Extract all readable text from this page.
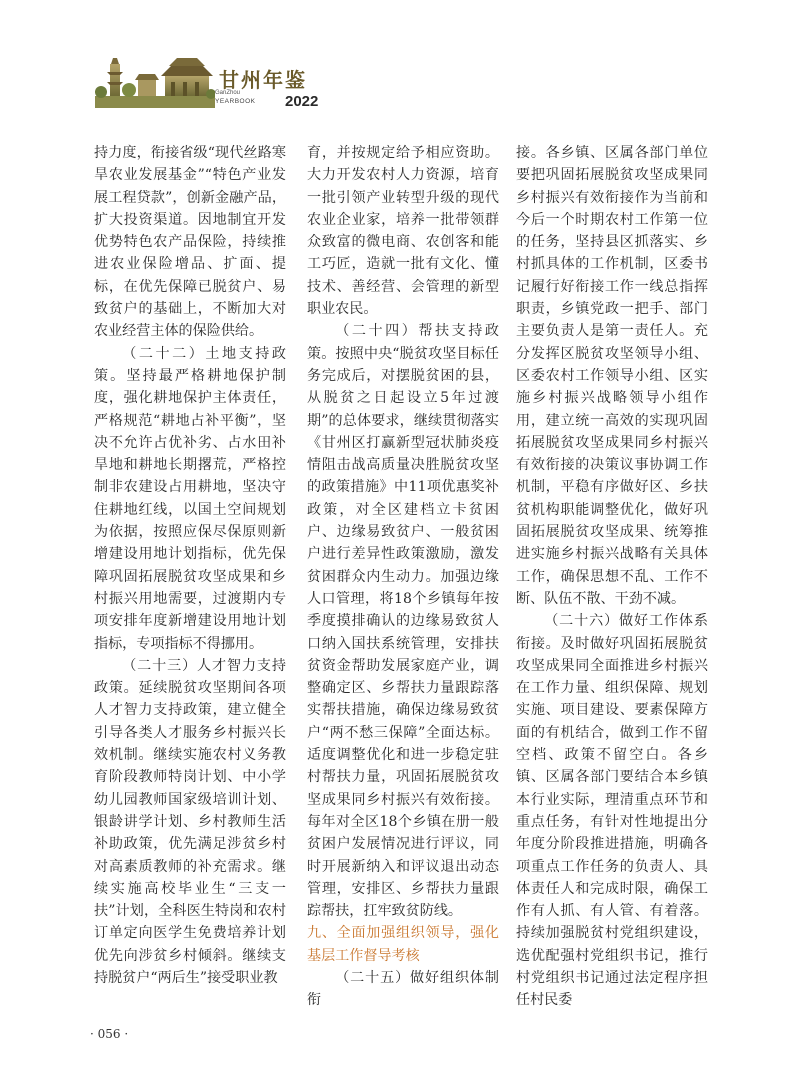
甘州年鉴
GanZhou
YEARBOOK 2022

持力度，衔接省级“现代丝路寒旱农业发展基金”“特色产业发展工程贷款”，创新金融产品，扩大投资渠道。因地制宜开发优势特色农产品保险，持续推进农业保险增品、扩面、提标，在优先保障已脱贫户、易致贫户的基础上，不断加大对农业经营主体的保险供给。

（二十二）土地支持政策。坚持最严格耕地保护制度，强化耕地保护主体责任，严格规范“耕地占补平衡”，坚决不允许占优补劣、占水田补旱地和耕地长期撂荒，严格控制非农建设占用耕地，坚决守住耕地红线，以国土空间规划为依据，按照应保尽保原则新增建设用地计划指标，优先保障巩固拓展脱贫攻坚成果和乡村振兴用地需要，过渡期内专项安排年度新增建设用地计划指标，专项指标不得挪用。

（二十三）人才智力支持政策。延续脱贫攻坚期间各项人才智力支持政策，建立健全引导各类人才服务乡村振兴长效机制。继续实施农村义务教育阶段教师特岗计划、中小学幼儿园教师国家级培训计划、银龄讲学计划、乡村教师生活补助政策，优先满足涉贫乡村对高素质教师的补充需求。继续实施高校毕业生“三支一扶”计划，全科医生特岗和农村订单定向医学生免费培养计划优先向涉贫乡村倾斜。继续支持脱贫户“两后生”接受职业教

育，并按规定给予相应资助。大力开发农村人力资源，培育一批引领产业转型升级的现代农业企业家，培养一批带领群众致富的微电商、农创客和能工巧匠，造就一批有文化、懂技术、善经营、会管理的新型职业农民。

（二十四）帮扶支持政策。按照中央“脱贫攻坚目标任务完成后，对摆脱贫困的县，从脱贫之日起设立5年过渡期”的总体要求，继续贯彻落实《甘州区打赢新型冠状肺炎疫情阻击战高质量决胜脱贫攻坚的政策措施》中11项优惠奖补政策，对全区建档立卡贫困户、边缘易致贫户、一般贫困户进行差异性政策激励，激发贫困群众内生动力。加强边缘人口管理，将18个乡镇每年按季度摸排确认的边缘易致贫人口纳入国扶系统管理，安排扶贫资金帮助发展家庭产业，调整确定区、乡帮扶力量跟踪落实帮扶措施，确保边缘易致贫户“两不愁三保障”全面达标。适度调整优化和进一步稳定驻村帮扶力量，巩固拓展脱贫攻坚成果同乡村振兴有效衔接。每年对全区18个乡镇在册一般贫困户发展情况进行评议，同时开展新纳入和评议退出动态管理，安排区、乡帮扶力量跟踪帮扶，扛牢致贫防线。

九、全面加强组织领导，强化基层工作督导考核

（二十五）做好组织体制衔

接。各乡镇、区属各部门单位要把巩固拓展脱贫攻坚成果同乡村振兴有效衔接作为当前和今后一个时期农村工作第一位的任务，坚持县区抓落实、乡村抓具体的工作机制，区委书记履行好衔接工作一线总指挥职责，乡镇党政一把手、部门主要负责人是第一责任人。充分发挥区脱贫攻坚领导小组、区委农村工作领导小组、区实施乡村振兴战略领导小组作用，建立统一高效的实现巩固拓展脱贫攻坚成果同乡村振兴有效衔接的决策议事协调工作机制，平稳有序做好区、乡扶贫机构职能调整优化，做好巩固拓展脱贫攻坚成果、统筹推进实施乡村振兴战略有关具体工作，确保思想不乱、工作不断、队伍不散、干劲不减。

（二十六）做好工作体系衔接。及时做好巩固拓展脱贫攻坚成果同全面推进乡村振兴在工作力量、组织保障、规划实施、项目建设、要素保障方面的有机结合，做到工作不留空档、政策不留空白。各乡镇、区属各部门要结合本乡镇本行业实际，理清重点环节和重点任务，有针对性地提出分年度分阶段推进措施，明确各项重点工作任务的负责人、具体责任人和完成时限，确保工作有人抓、有人管、有着落。持续加强脱贫村党组织建设，选优配强村党组织书记，推行村党组织书记通过法定程序担任村民委

· 056 ·
